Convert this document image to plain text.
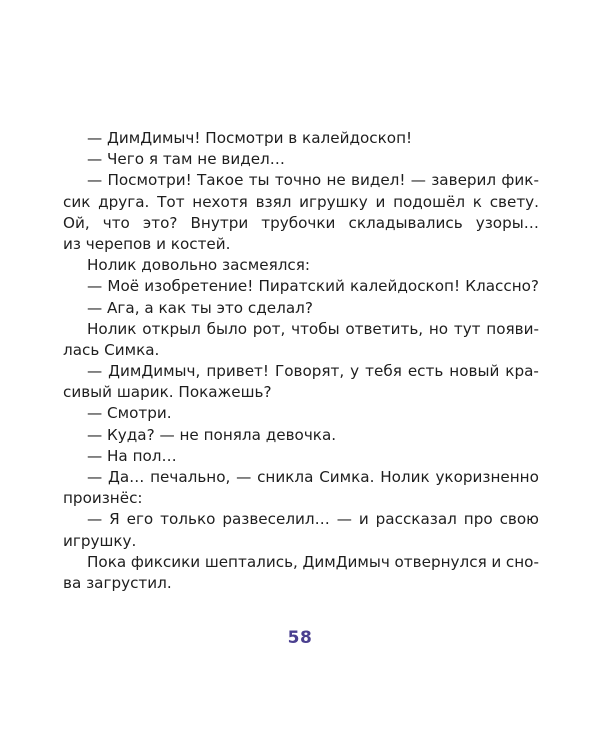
— ДимДимыч! Посмотри в калейдоскоп!
— Чего я там не видел…
— Посмотри! Такое ты точно не видел! — заверил фик-
сик друга. Тот нехотя взял игрушку и подошёл к свету.
Ой, что это? Внутри трубочки складывались узоры…
из черепов и костей.
Нолик довольно засмеялся:
— Моё изобретение! Пиратский калейдоскоп! Классно?
— Ага, а как ты это сделал?
Нолик открыл было рот, чтобы ответить, но тут появи-
лась Симка.
— ДимДимыч, привет! Говорят, у тебя есть новый кра-
сивый шарик. Покажешь?
— Смотри.
— Куда? — не поняла девочка.
— На пол…
— Да… печально, — сникла Симка. Нолик укоризненно
произнёс:
— Я его только развеселил… — и рассказал про свою
игрушку.
Пока фиксики шептались, ДимДимыч отвернулся и сно-
ва загрустил.
58
